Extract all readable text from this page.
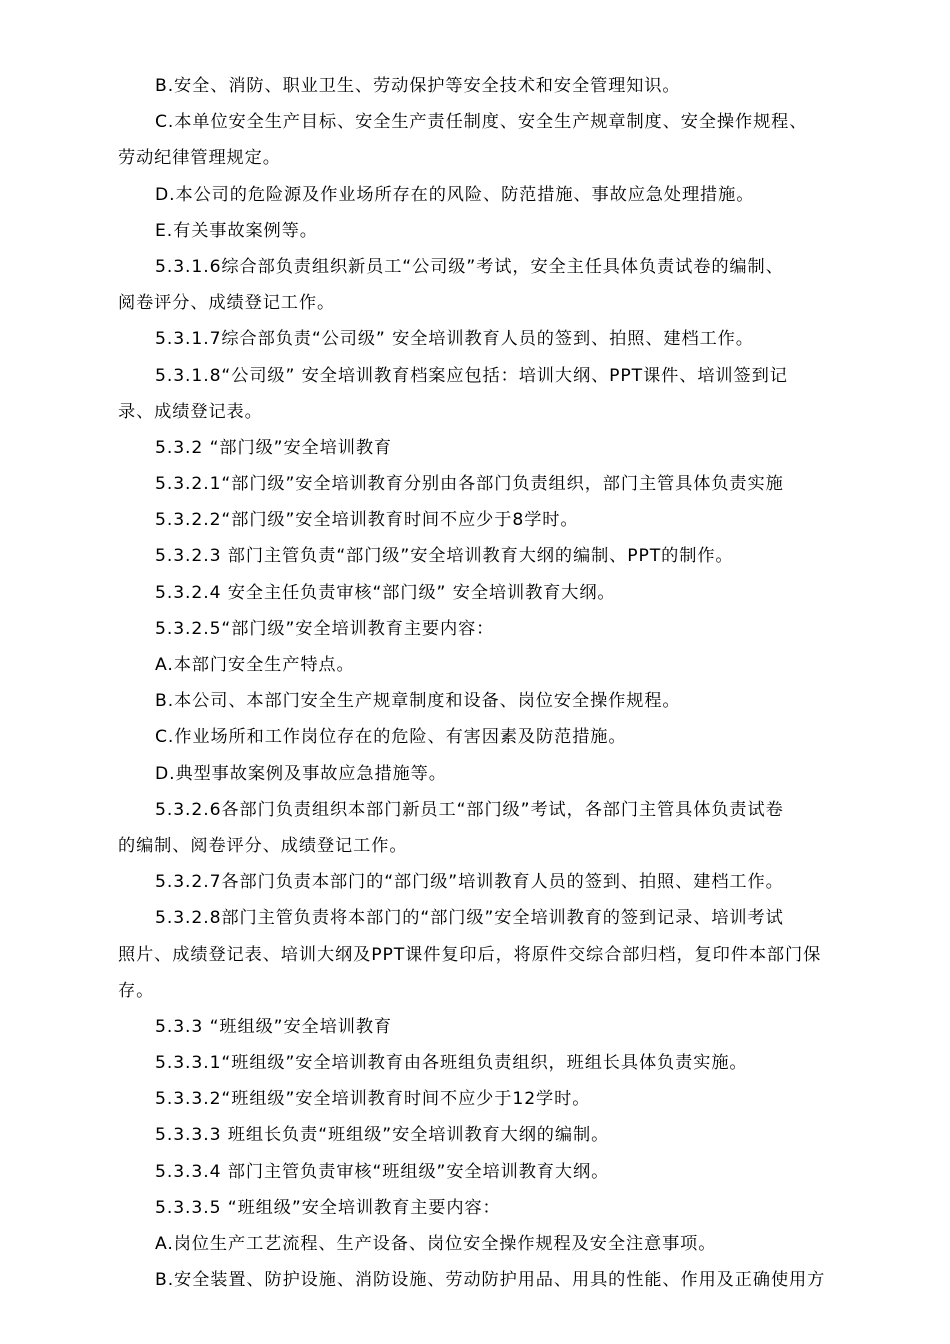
B.安全、消防、职业卫生、劳动保护等安全技术和安全管理知识。
C.本单位安全生产目标、安全生产责任制度、安全生产规章制度、安全操作规程、
劳动纪律管理规定。
D.本公司的危险源及作业场所存在的风险、防范措施、事故应急处理措施。
E.有关事故案例等。
5.3.1.6综合部负责组织新员工“公司级”考试，安全主任具体负责试卷的编制、
阅卷评分、成绩登记工作。
5.3.1.7综合部负责“公司级” 安全培训教育人员的签到、拍照、建档工作。
5.3.1.8“公司级” 安全培训教育档案应包括：培训大纲、PPT课件、培训签到记
录、成绩登记表。
5.3.2 “部门级”安全培训教育
5.3.2.1“部门级”安全培训教育分别由各部门负责组织，部门主管具体负责实施
5.3.2.2“部门级”安全培训教育时间不应少于8学时。
5.3.2.3 部门主管负责“部门级”安全培训教育大纲的编制、PPT的制作。
5.3.2.4 安全主任负责审核“部门级” 安全培训教育大纲。
5.3.2.5“部门级”安全培训教育主要内容：
A.本部门安全生产特点。
B.本公司、本部门安全生产规章制度和设备、岗位安全操作规程。
C.作业场所和工作岗位存在的危险、有害因素及防范措施。
D.典型事故案例及事故应急措施等。
5.3.2.6各部门负责组织本部门新员工“部门级”考试，各部门主管具体负责试卷
的编制、阅卷评分、成绩登记工作。
5.3.2.7各部门负责本部门的“部门级”培训教育人员的签到、拍照、建档工作。
5.3.2.8部门主管负责将本部门的“部门级”安全培训教育的签到记录、培训考试
照片、成绩登记表、培训大纲及PPT课件复印后，将原件交综合部归档，复印件本部门保
存。
5.3.3 “班组级”安全培训教育
5.3.3.1“班组级”安全培训教育由各班组负责组织，班组长具体负责实施。
5.3.3.2“班组级”安全培训教育时间不应少于12学时。
5.3.3.3 班组长负责“班组级”安全培训教育大纲的编制。
5.3.3.4 部门主管负责审核“班组级”安全培训教育大纲。
5.3.3.5 “班组级”安全培训教育主要内容：
A.岗位生产工艺流程、生产设备、岗位安全操作规程及安全注意事项。
B.安全装置、防护设施、消防设施、劳动防护用品、用具的性能、作用及正确使用方
